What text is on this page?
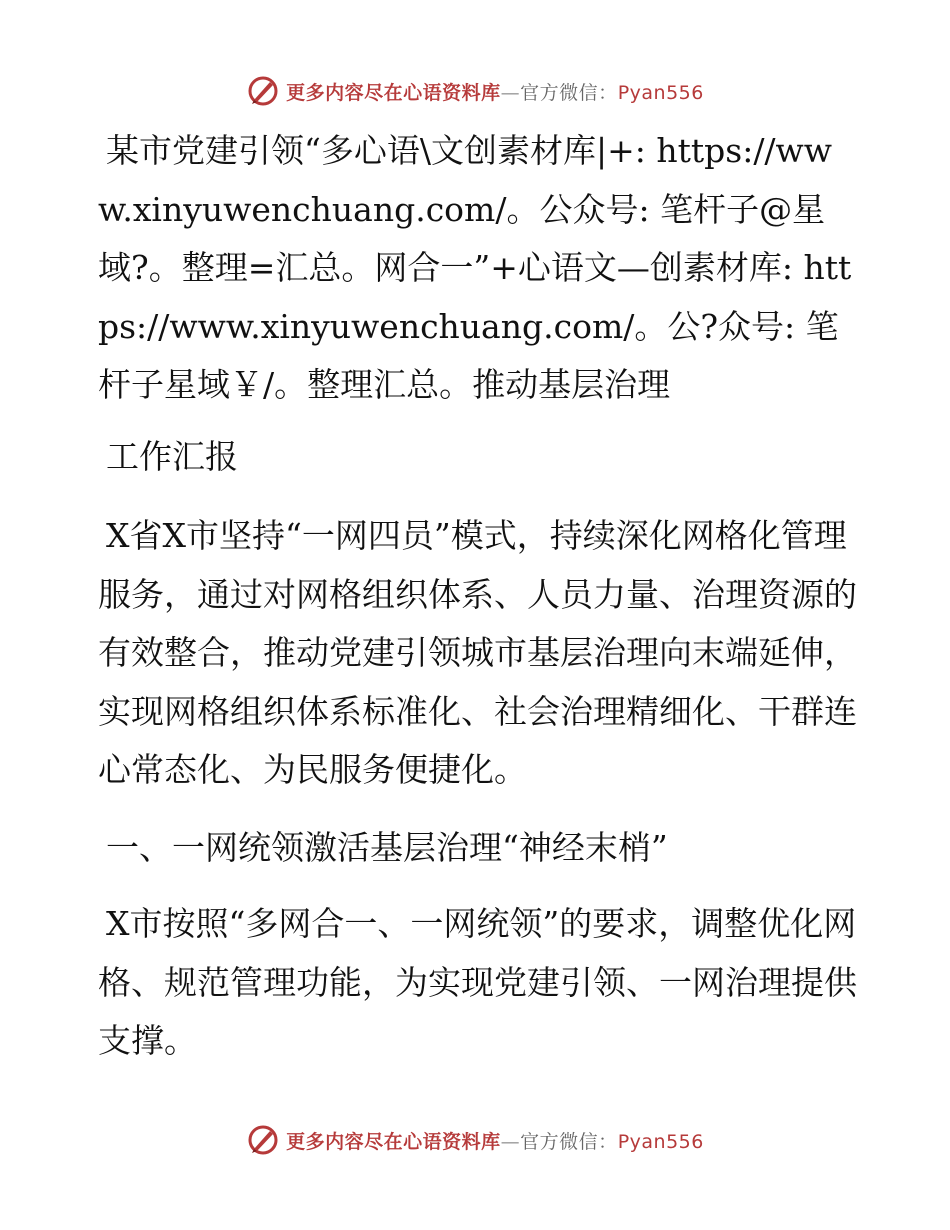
更多内容尽在心语资料库—官方微信：Pyan556

某市党建引领“多心语\文创素材库|+: https://www.xinyuwenchuang.com/。公众号: 笔杆子@星域?。整理=汇总。网合一”+心语文—创素材库: https://www.xinyuwenchuang.com/。公?众号: 笔杆子星域￥/。整理汇总。推动基层治理

工作汇报

X省X市坚持“一网四员”模式，持续深化网格化管理服务，通过对网格组织体系、人员力量、治理资源的有效整合，推动党建引领城市基层治理向末端延伸，实现网格组织体系标准化、社会治理精细化、干群连心常态化、为民服务便捷化。

一、一网统领激活基层治理“神经末梢”

X市按照“多网合一、一网统领”的要求，调整优化网格、规范管理功能，为实现党建引领、一网治理提供支撑。

更多内容尽在心语资料库—官方微信：Pyan556
